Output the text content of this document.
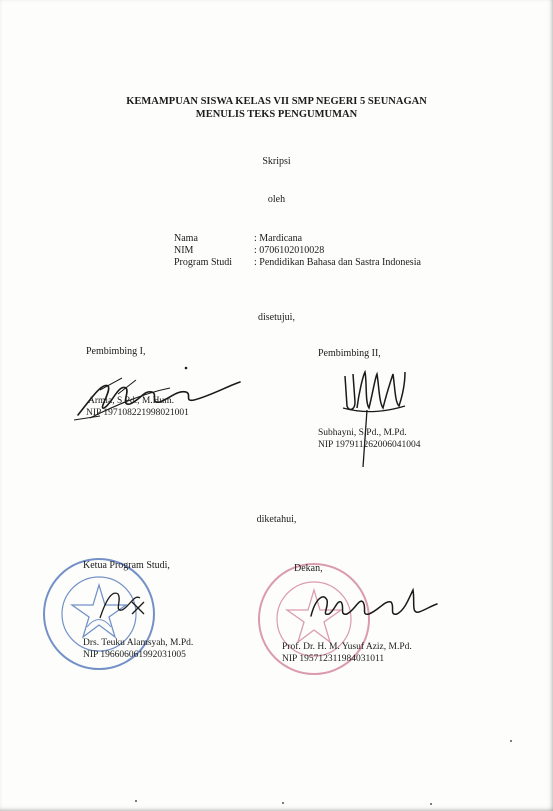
KEMAMPUAN SISWA KELAS VII SMP NEGERI 5 SEUNAGAN
MENULIS TEKS PENGUMUMAN
Skripsi
oleh
Nama	: Mardicana
NIM	: 0706102010028
Program Studi : Pendidikan Bahasa dan Sastra Indonesia
disetujui,
Pembimbing I,
Armia, S.Pd., M.Hum.
NIP 197108221998021001
Pembimbing II,
Subhayni, S.Pd., M.Pd.
NIP 197911262006041004
diketahui,
Ketua Program Studi,
Drs. Teuku Alamsyah, M.Pd.
NIP 196606061992031005
Dekan,
Prof. Dr. H. M. Yusuf Aziz, M.Pd.
NIP 195712311984031011
